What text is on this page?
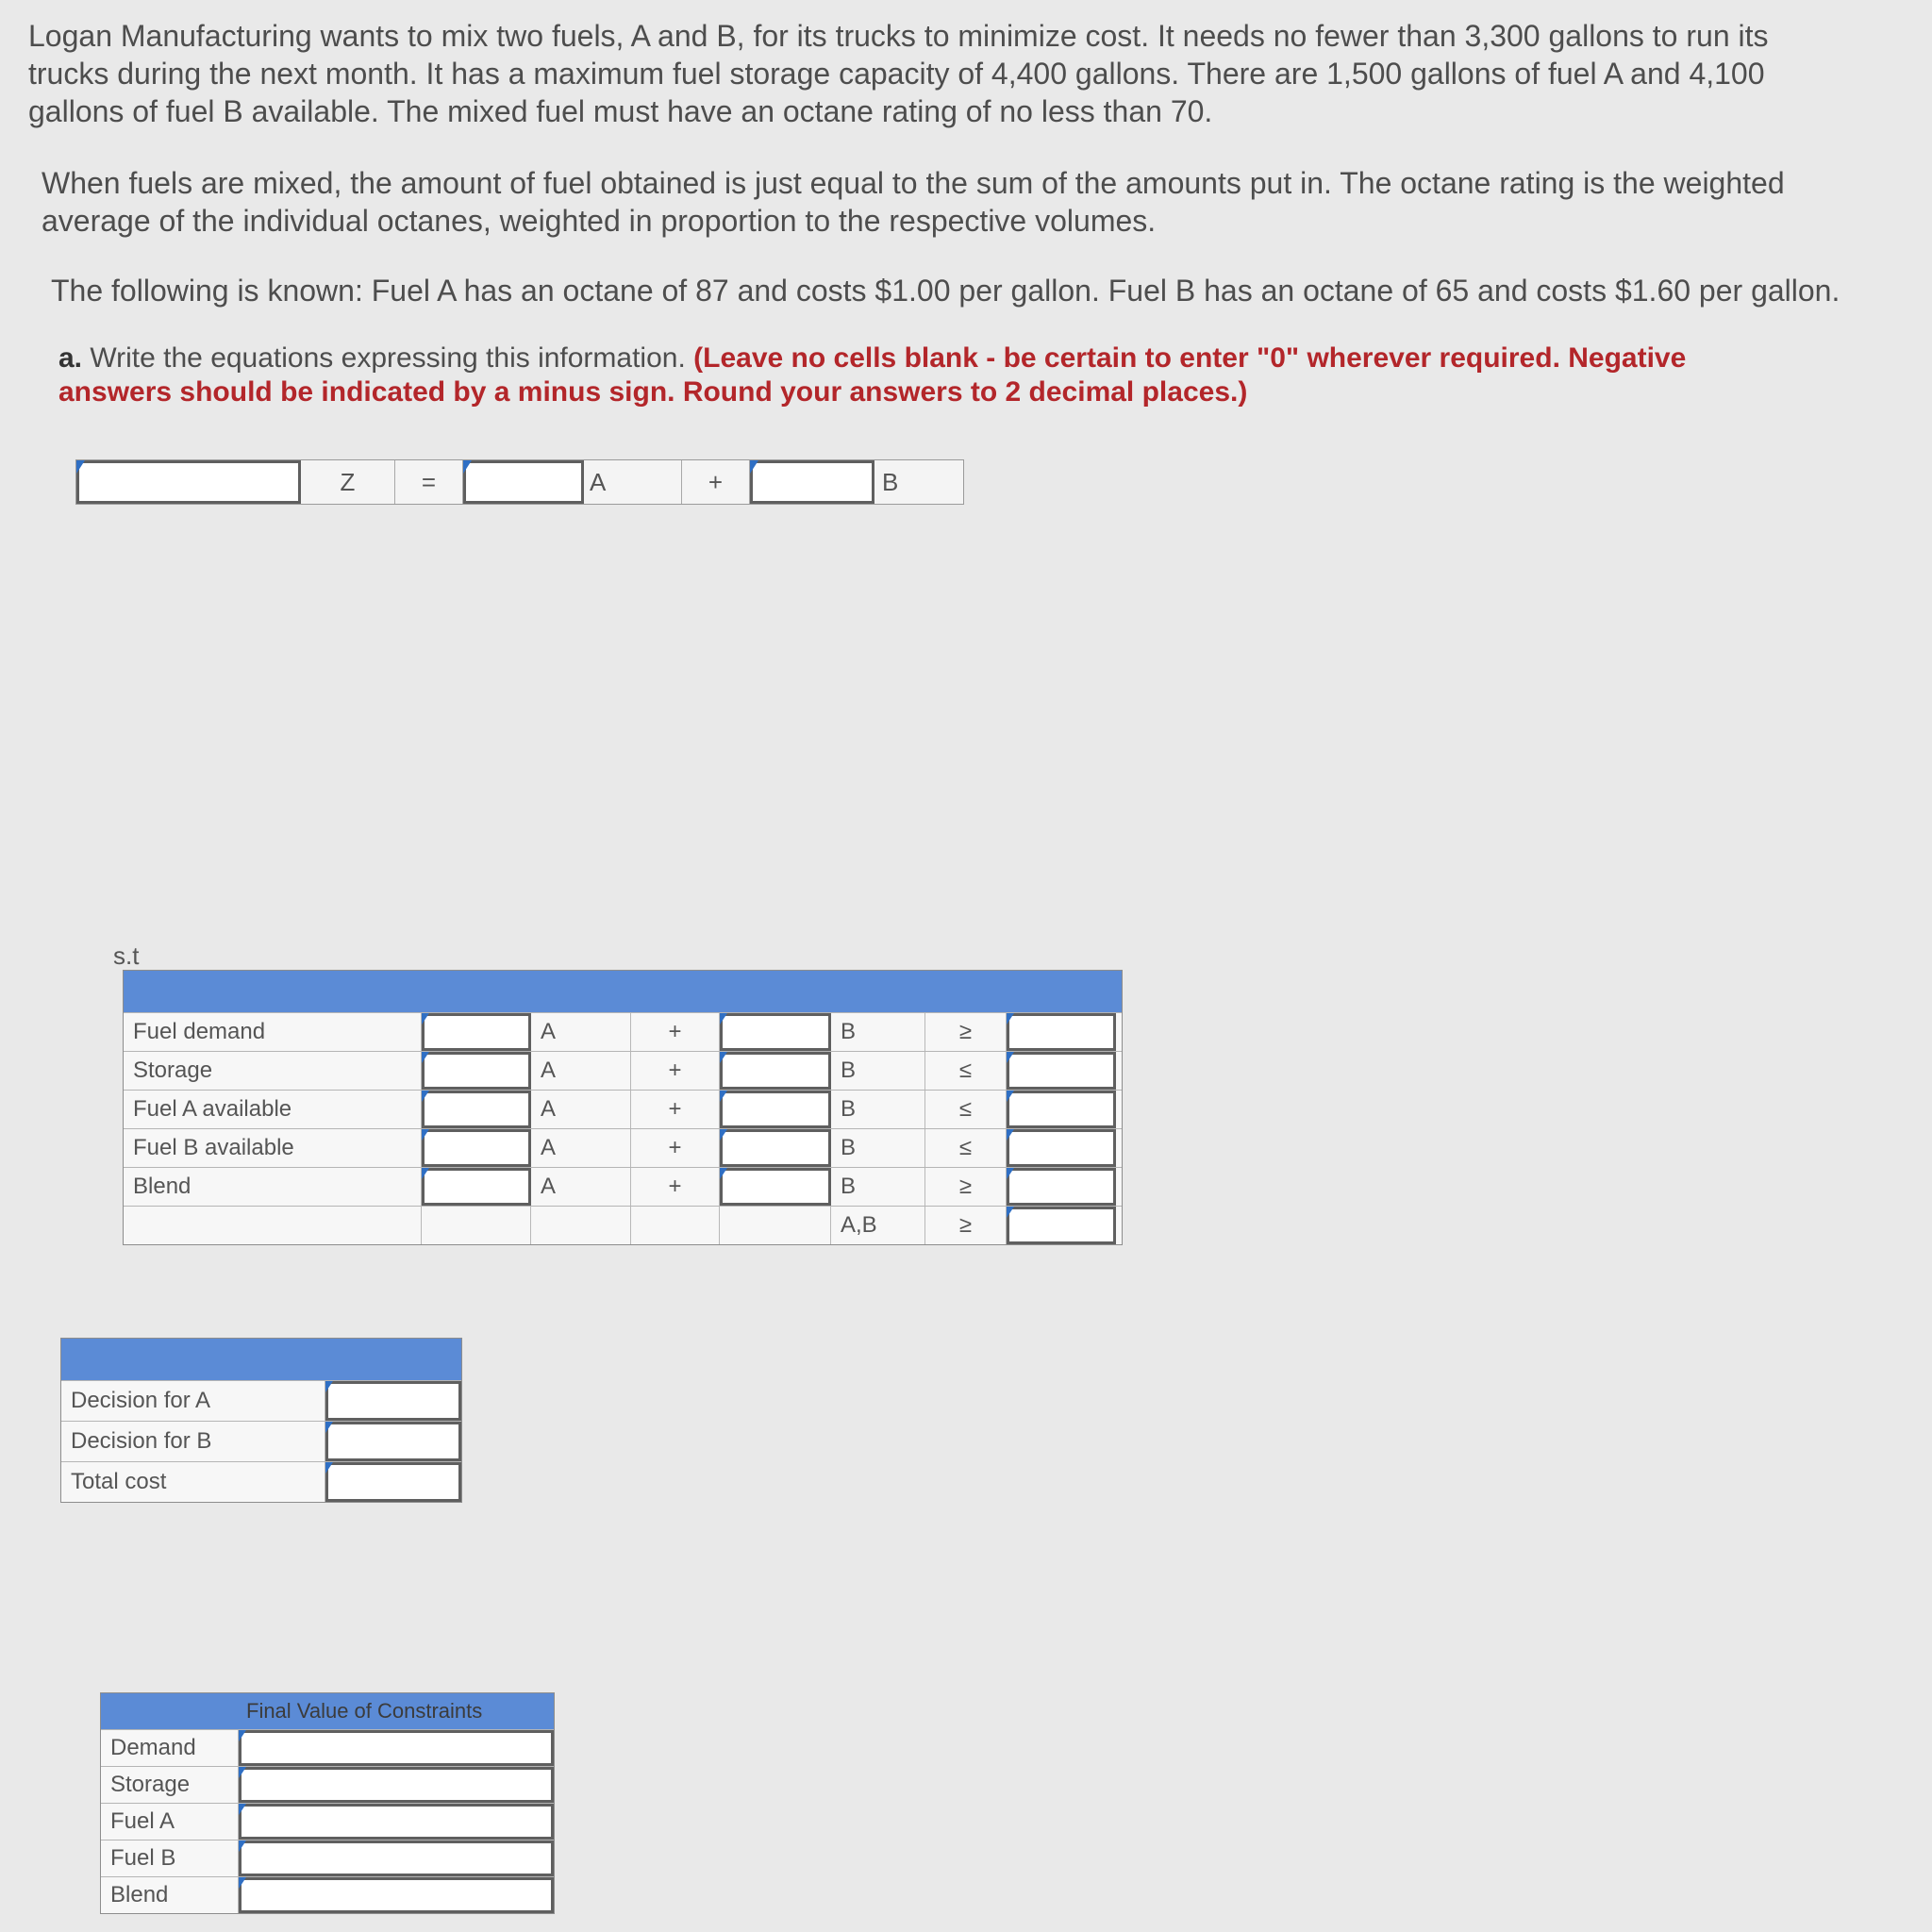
Logan Manufacturing wants to mix two fuels, A and B, for its trucks to minimize cost. It needs no fewer than 3,300 gallons to run its
trucks during the next month. It has a maximum fuel storage capacity of 4,400 gallons. There are 1,500 gallons of fuel A and 4,100
gallons of fuel B available. The mixed fuel must have an octane rating of no less than 70.
When fuels are mixed, the amount of fuel obtained is just equal to the sum of the amounts put in. The octane rating is the weighted
average of the individual octanes, weighted in proportion to the respective volumes.
The following is known: Fuel A has an octane of 87 and costs $1.00 per gallon. Fuel B has an octane of 65 and costs $1.60 per gallon.
a. Write the equations expressing this information. (Leave no cells blank - be certain to enter "0" wherever required. Negative
answers should be indicated by a minus sign. Round your answers to 2 decimal places.)
Z	=	A	+	B
s.t
Fuel demand	A	+	B	≥
Storage	A	+	B	≤
Fuel A available	A	+	B	≤
Fuel B available	A	+	B	≤
Blend	A	+	B	≥
A,B	≥
Decision for A
Decision for B
Total cost
Final Value of Constraints
Demand
Storage
Fuel A
Fuel B
Blend
